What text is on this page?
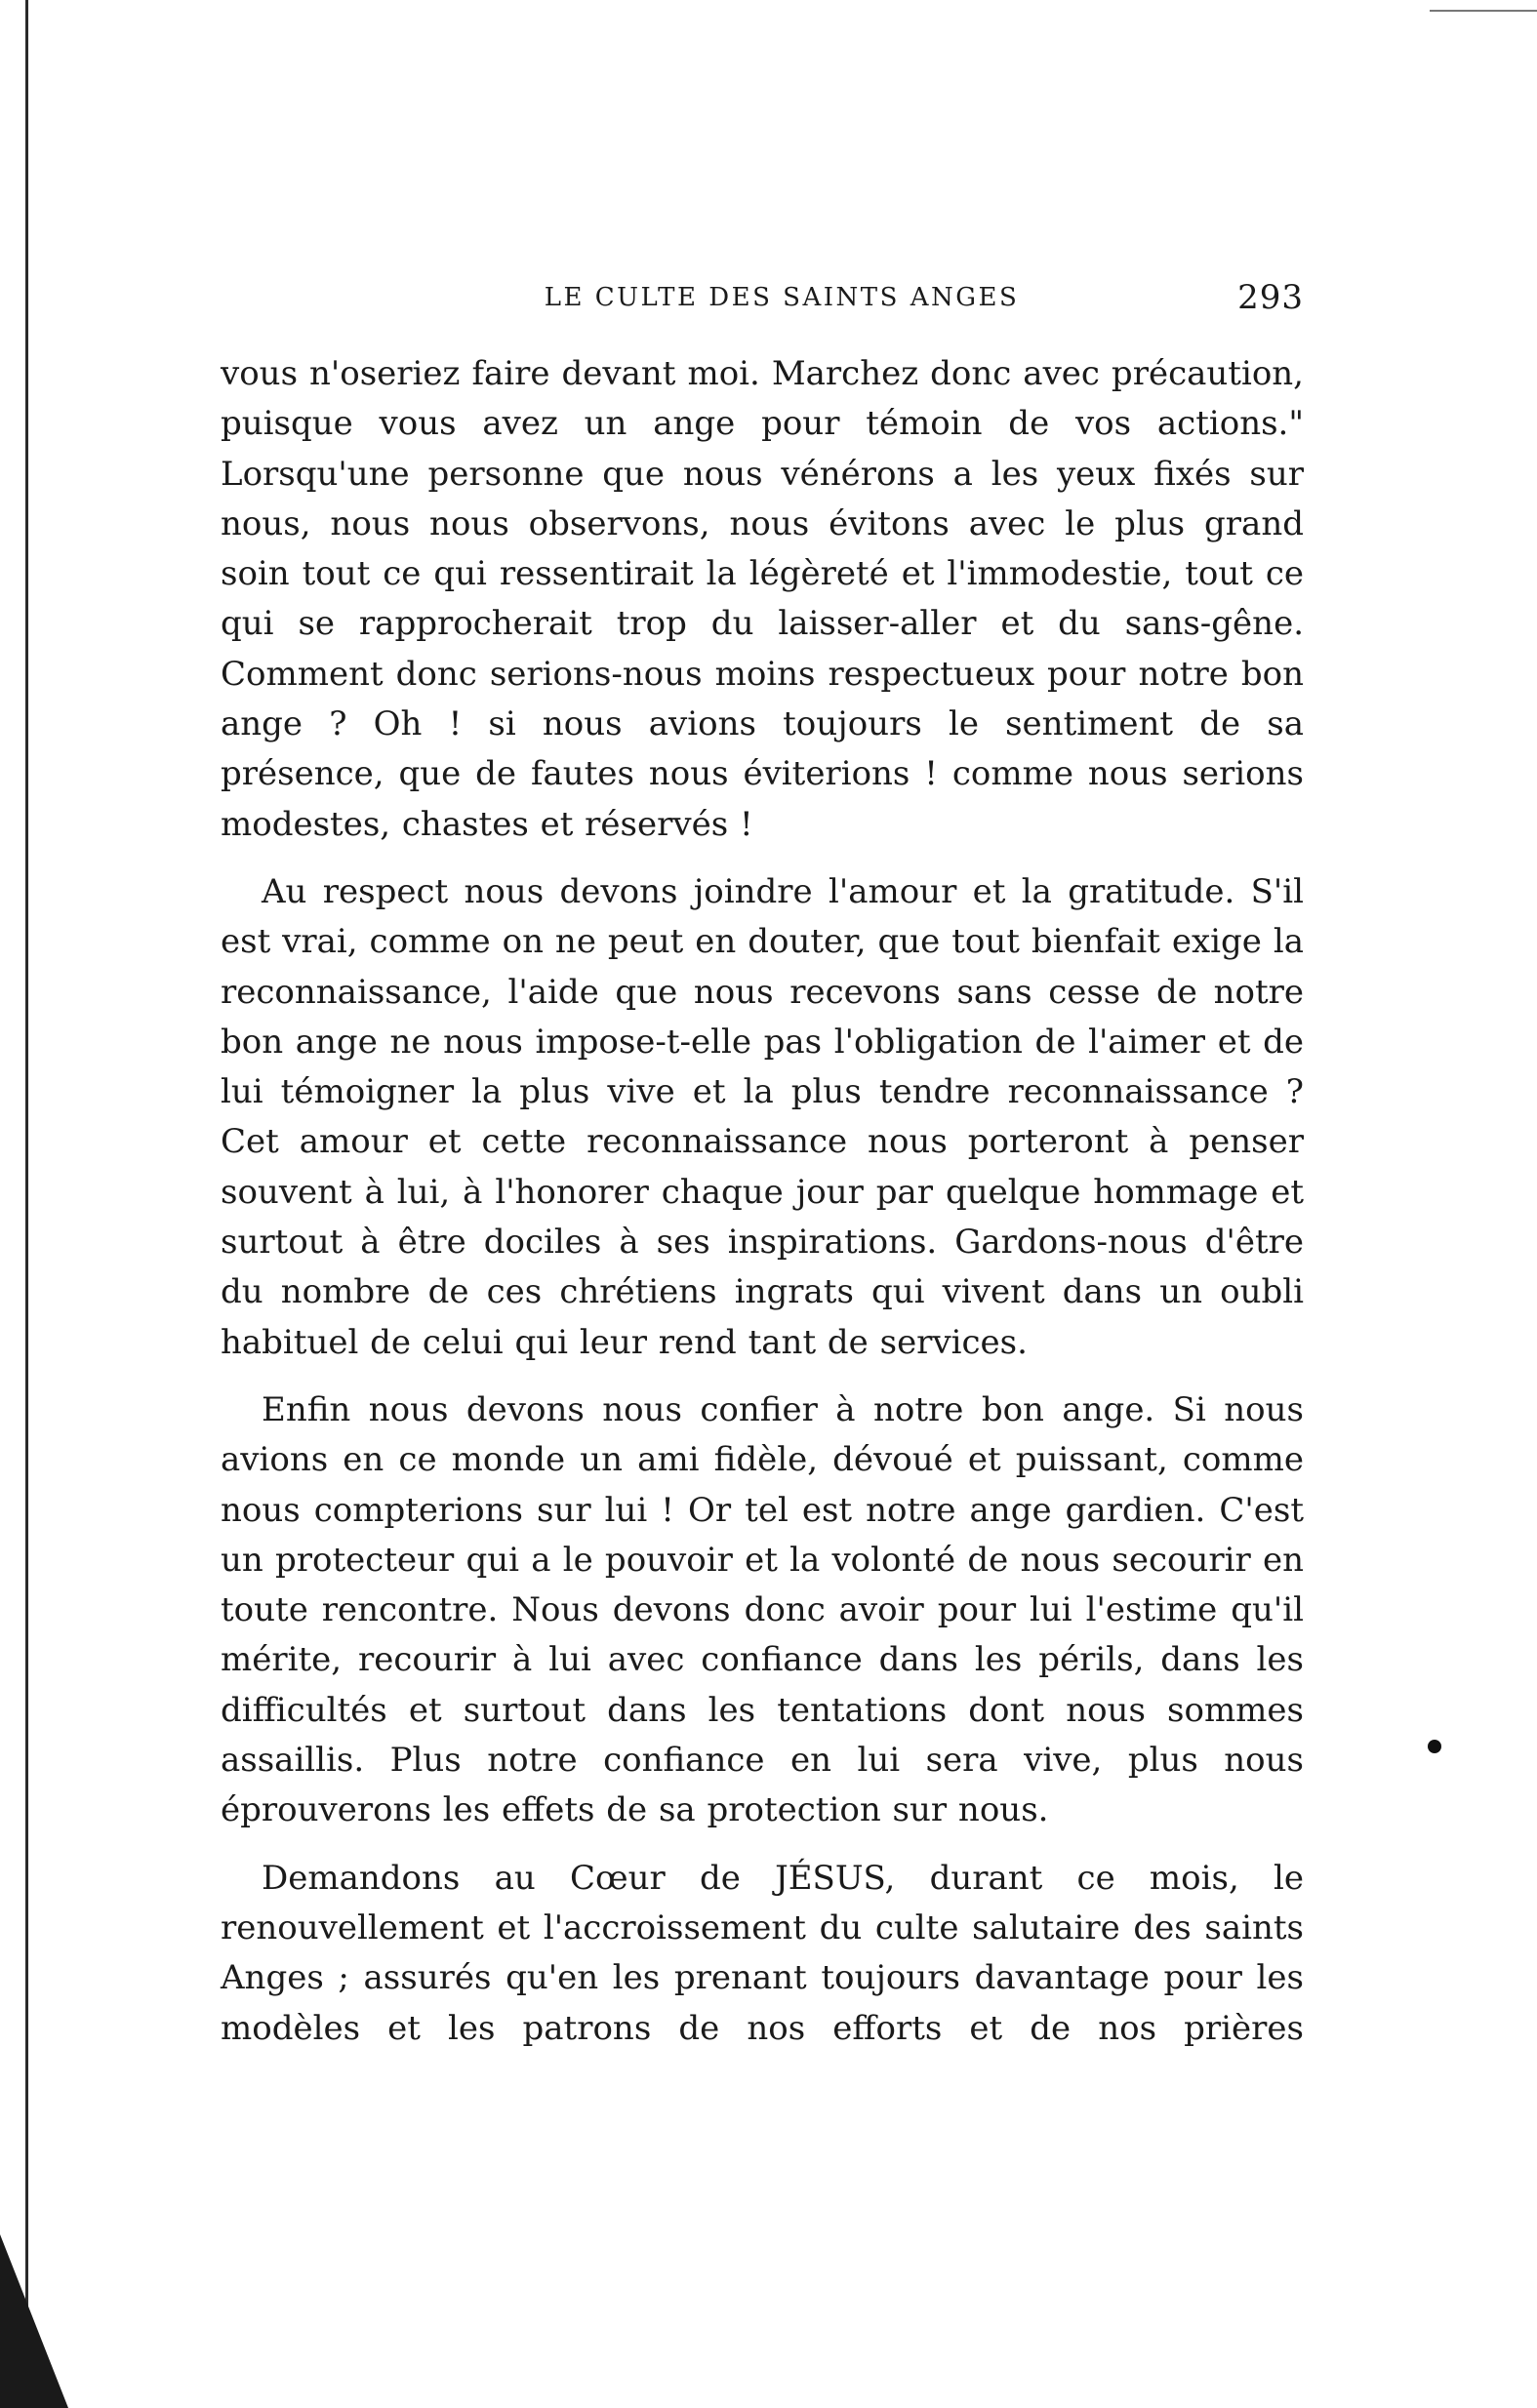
LE CULTE DES SAINTS ANGES	293

vous n'oseriez faire devant moi. Marchez donc avec précaution, puisque vous avez un ange pour témoin de vos actions." Lorsqu'une personne que nous vénérons a les yeux fixés sur nous, nous nous observons, nous évitons avec le plus grand soin tout ce qui ressentirait la légèreté et l'immodestie, tout ce qui se rapprocherait trop du laisser-aller et du sans-gêne. Comment donc serions-nous moins respectueux pour notre bon ange ? Oh ! si nous avions toujours le sentiment de sa présence, que de fautes nous éviterions ! comme nous serions modestes, chastes et réservés !

Au respect nous devons joindre l'amour et la gratitude. S'il est vrai, comme on ne peut en douter, que tout bienfait exige la reconnaissance, l'aide que nous recevons sans cesse de notre bon ange ne nous impose-t-elle pas l'obligation de l'aimer et de lui témoigner la plus vive et la plus tendre reconnaissance ? Cet amour et cette reconnaissance nous porteront à penser souvent à lui, à l'honorer chaque jour par quelque hommage et surtout à être dociles à ses inspirations. Gardons-nous d'être du nombre de ces chrétiens ingrats qui vivent dans un oubli habituel de celui qui leur rend tant de services.

Enfin nous devons nous confier à notre bon ange. Si nous avions en ce monde un ami fidèle, dévoué et puissant, comme nous compterions sur lui ! Or tel est notre ange gardien. C'est un protecteur qui a le pouvoir et la volonté de nous secourir en toute rencontre. Nous devons donc avoir pour lui l'estime qu'il mérite, recourir à lui avec confiance dans les périls, dans les difficultés et surtout dans les tentations dont nous sommes assaillis. Plus notre confiance en lui sera vive, plus nous éprouverons les effets de sa protection sur nous.

Demandons au Cœur de JÉSUS, durant ce mois, le renouvellement et l'accroissement du culte salutaire des saints Anges ; assurés qu'en les prenant toujours davantage pour les modèles et les patrons de nos efforts et de nos prières
